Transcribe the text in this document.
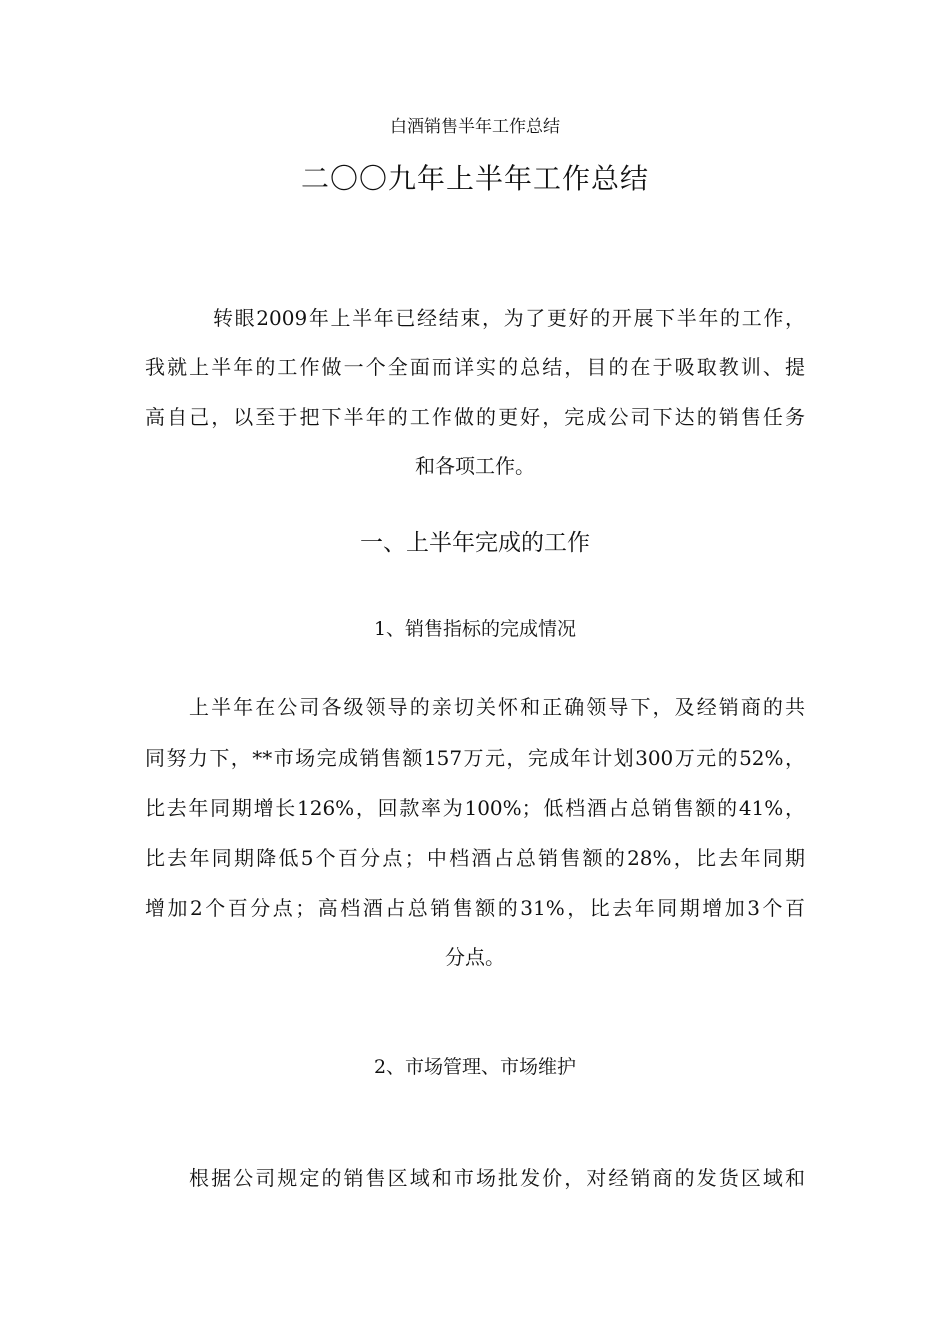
白酒销售半年工作总结
二〇〇九年上半年工作总结
转眼2009年上半年已经结束，为了更好的开展下半年的工作，
我就上半年的工作做一个全面而详实的总结，目的在于吸取教训、提
高自己，以至于把下半年的工作做的更好，完成公司下达的销售任务
和各项工作。
一、上半年完成的工作
1、销售指标的完成情况
上半年在公司各级领导的亲切关怀和正确领导下，及经销商的共
同努力下，**市场完成销售额157万元，完成年计划300万元的52%，
比去年同期增长126%，回款率为100%；低档酒占总销售额的41%，
比去年同期降低5个百分点；中档酒占总销售额的28%，比去年同期
增加2个百分点；高档酒占总销售额的31%，比去年同期增加3个百
分点。
2、市场管理、市场维护
根据公司规定的销售区域和市场批发价，对经销商的发货区域和
